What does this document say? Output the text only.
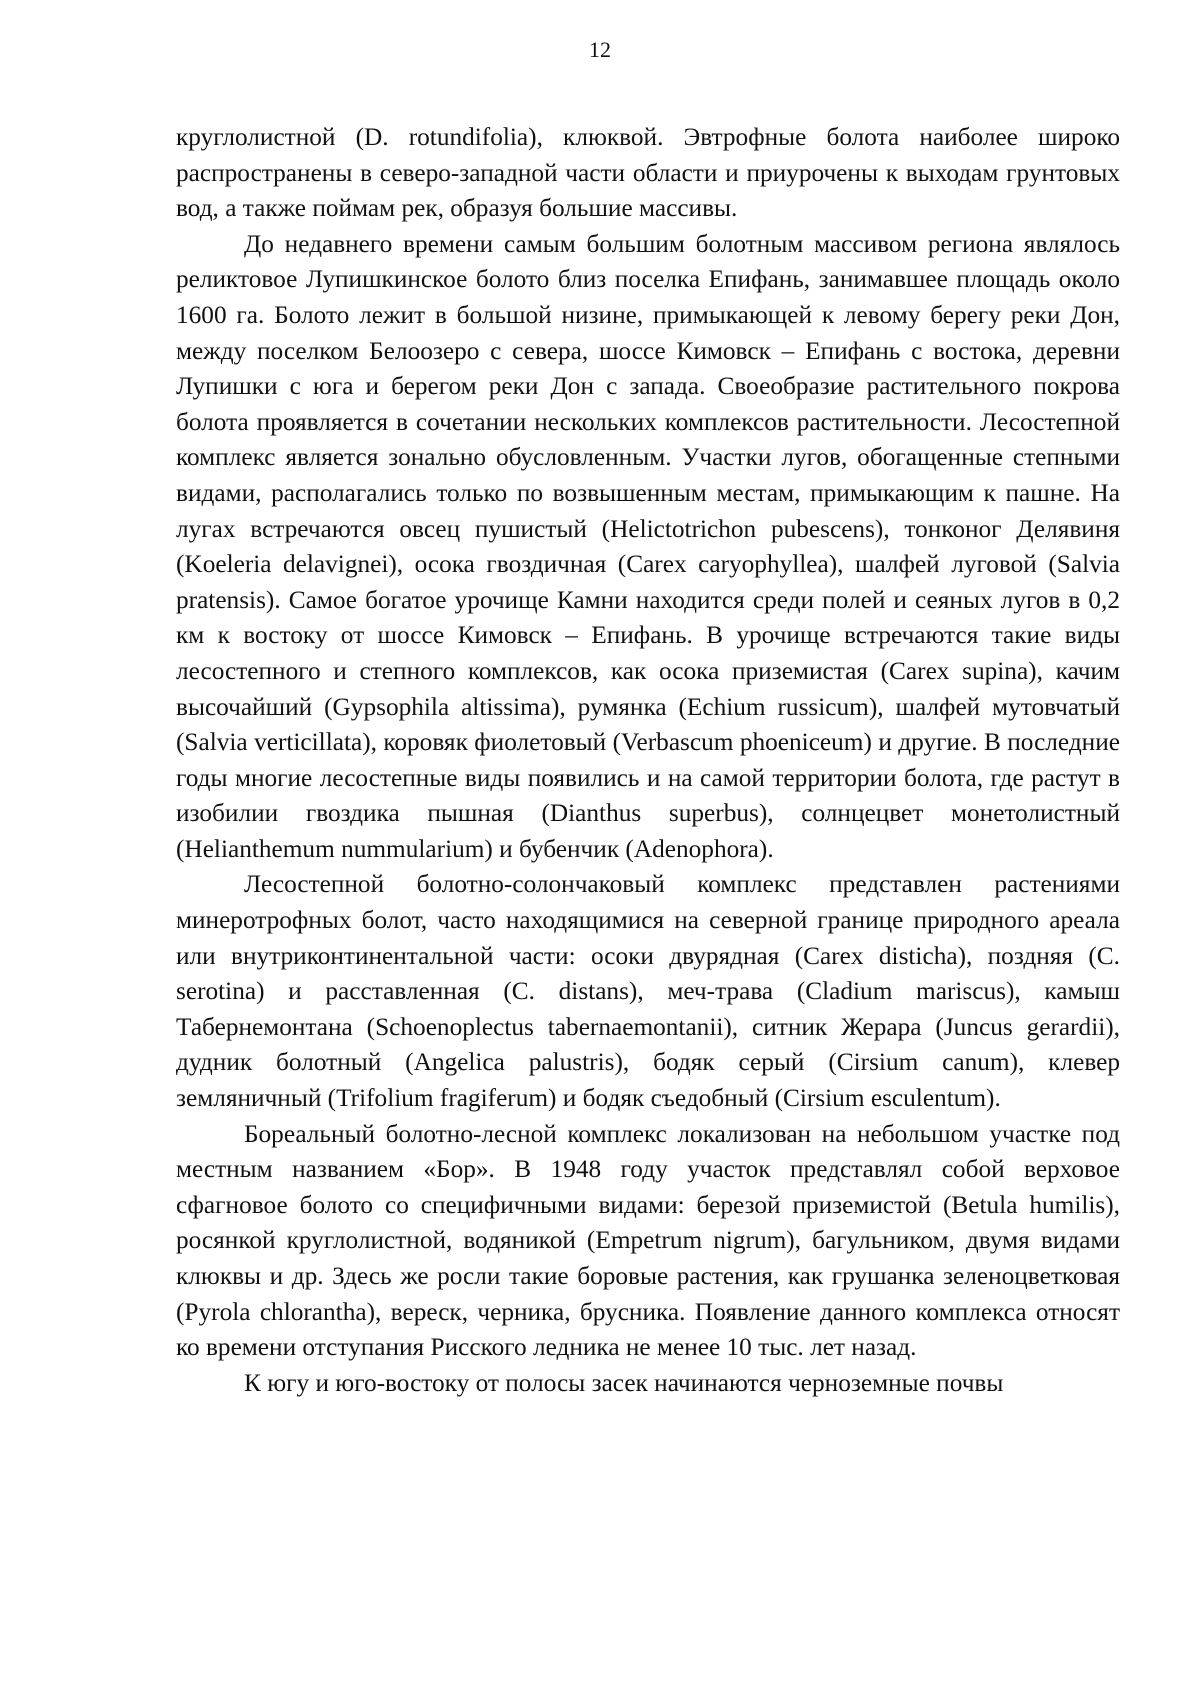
12

круглолистной (D. rotundifolia), клюквой. Эвтрофные болота наиболее широко распространены в северо-западной части области и приурочены к выходам грунтовых вод, а также поймам рек, образуя большие массивы.

До недавнего времени самым большим болотным массивом региона являлось реликтовое Лупишкинское болото близ поселка Епифань, занимавшее площадь около 1600 га. Болото лежит в большой низине, примыкающей к левому берегу реки Дон, между поселком Белоозеро с севера, шоссе Кимовск – Епифань с востока, деревни Лупишки с юга и берегом реки Дон с запада. Своеобразие растительного покрова болота проявляется в сочетании нескольких комплексов растительности. Лесостепной комплекс является зонально обусловленным. Участки лугов, обогащенные степными видами, располагались только по возвышенным местам, примыкающим к пашне. На лугах встречаются овсец пушистый (Helictotrichon pubescens), тонконог Делявиня (Koeleria delavignei), осока гвоздичная (Carex caryophyllea), шалфей луговой (Salvia pratensis). Самое богатое урочище Камни находится среди полей и сеяных лугов в 0,2 км к востоку от шоссе Кимовск – Епифань. В урочище встречаются такие виды лесостепного и степного комплексов, как осока приземистая (Carex supina), качим высочайший (Gypsophila altissima), румянка (Echium russicum), шалфей мутовчатый (Salvia verticillata), коровяк фиолетовый (Verbascum phoeniceum) и другие. В последние годы многие лесостепные виды появились и на самой территории болота, где растут в изобилии гвоздика пышная (Dianthus superbus), солнцецвет монетолистный (Helianthemum nummularium) и бубенчик (Adenophora).

Лесостепной болотно-солончаковый комплекс представлен растениями минеротрофных болот, часто находящимися на северной границе природного ареала или внутриконтинентальной части: осоки двурядная (Carex disticha), поздняя (C. serotina) и расставленная (C. distans), меч-трава (Cladium mariscus), камыш Табернемонтана (Schoenoplectus tabernaemontanii), ситник Жерара (Juncus gerardii), дудник болотный (Angelica palustris), бодяк серый (Cirsium canum), клевер земляничный (Trifolium fragiferum) и бодяк съедобный (Cirsium esculentum).

Бореальный болотно-лесной комплекс локализован на небольшом участке под местным названием «Бор». В 1948 году участок представлял собой верховое сфагновое болото со специфичными видами: березой приземистой (Betula humilis), росянкой круглолистной, водяникой (Empetrum nigrum), багульником, двумя видами клюквы и др. Здесь же росли такие боровые растения, как грушанка зеленоцветковая (Pyrola chlorantha), вереск, черника, брусника. Появление данного комплекса относят ко времени отступания Рисского ледника не менее 10 тыс. лет назад.

К югу и юго-востоку от полосы засек начинаются черноземные почвы
